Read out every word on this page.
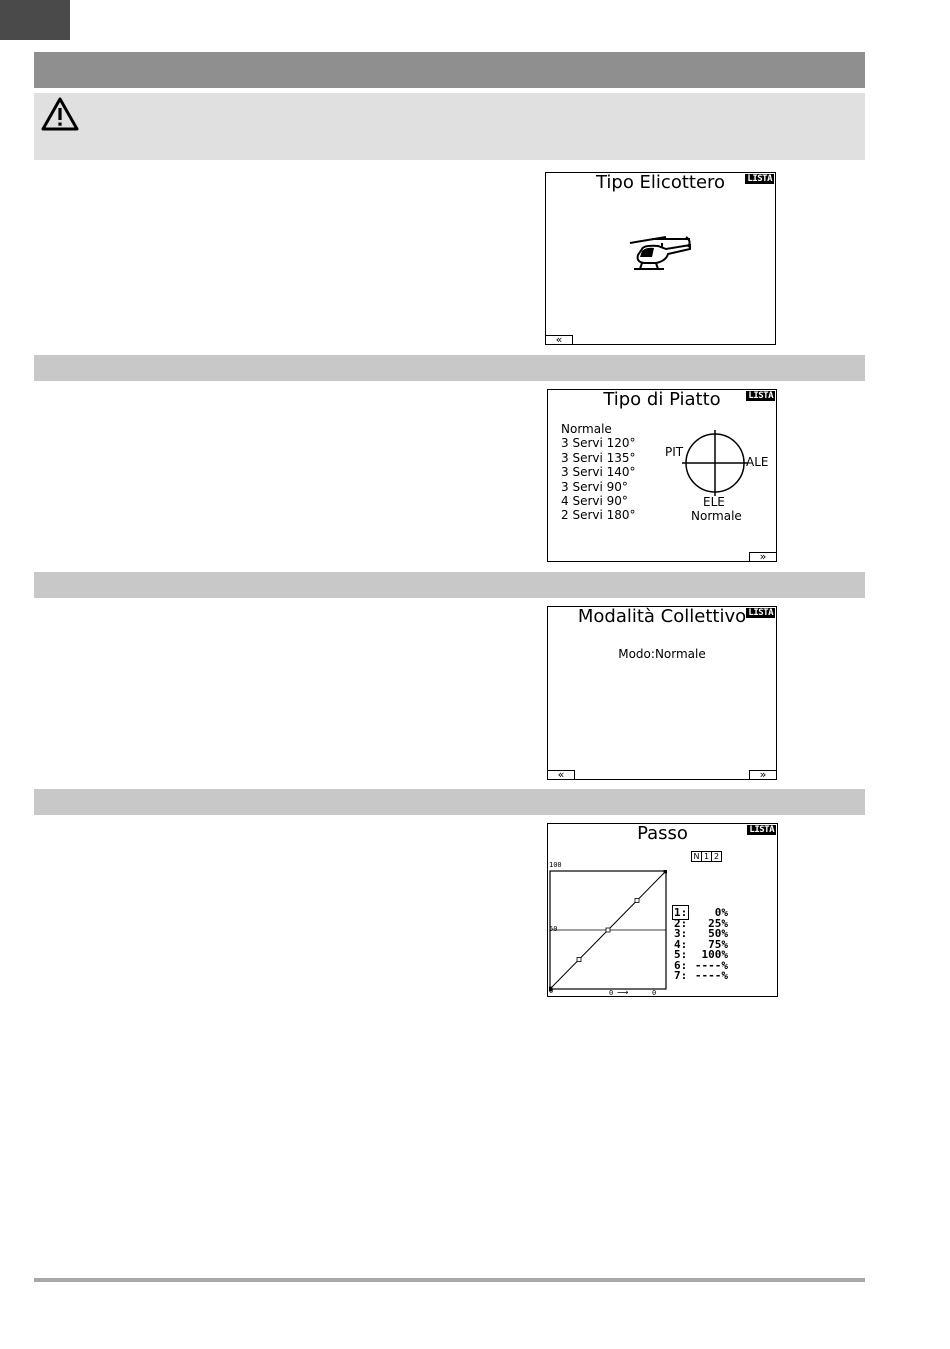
Tipo Elicottero	LISTA
«
Tipo di Piatto	LISTA
Normale
3 Servi 120°
3 Servi 135°
3 Servi 140°
3 Servi 90°
4 Servi 90°
2 Servi 180°
PIT
ALE
ELE
Normale
»
Modalità Collettivo LISTA
Modo:Normale
«	»
Passo	LISTA
N 1 2
100
50
0 ⟶	0
1:	0%
2:	25%
3:	50%
4:	75%
5:	100%
6: ----%
7: ----%
